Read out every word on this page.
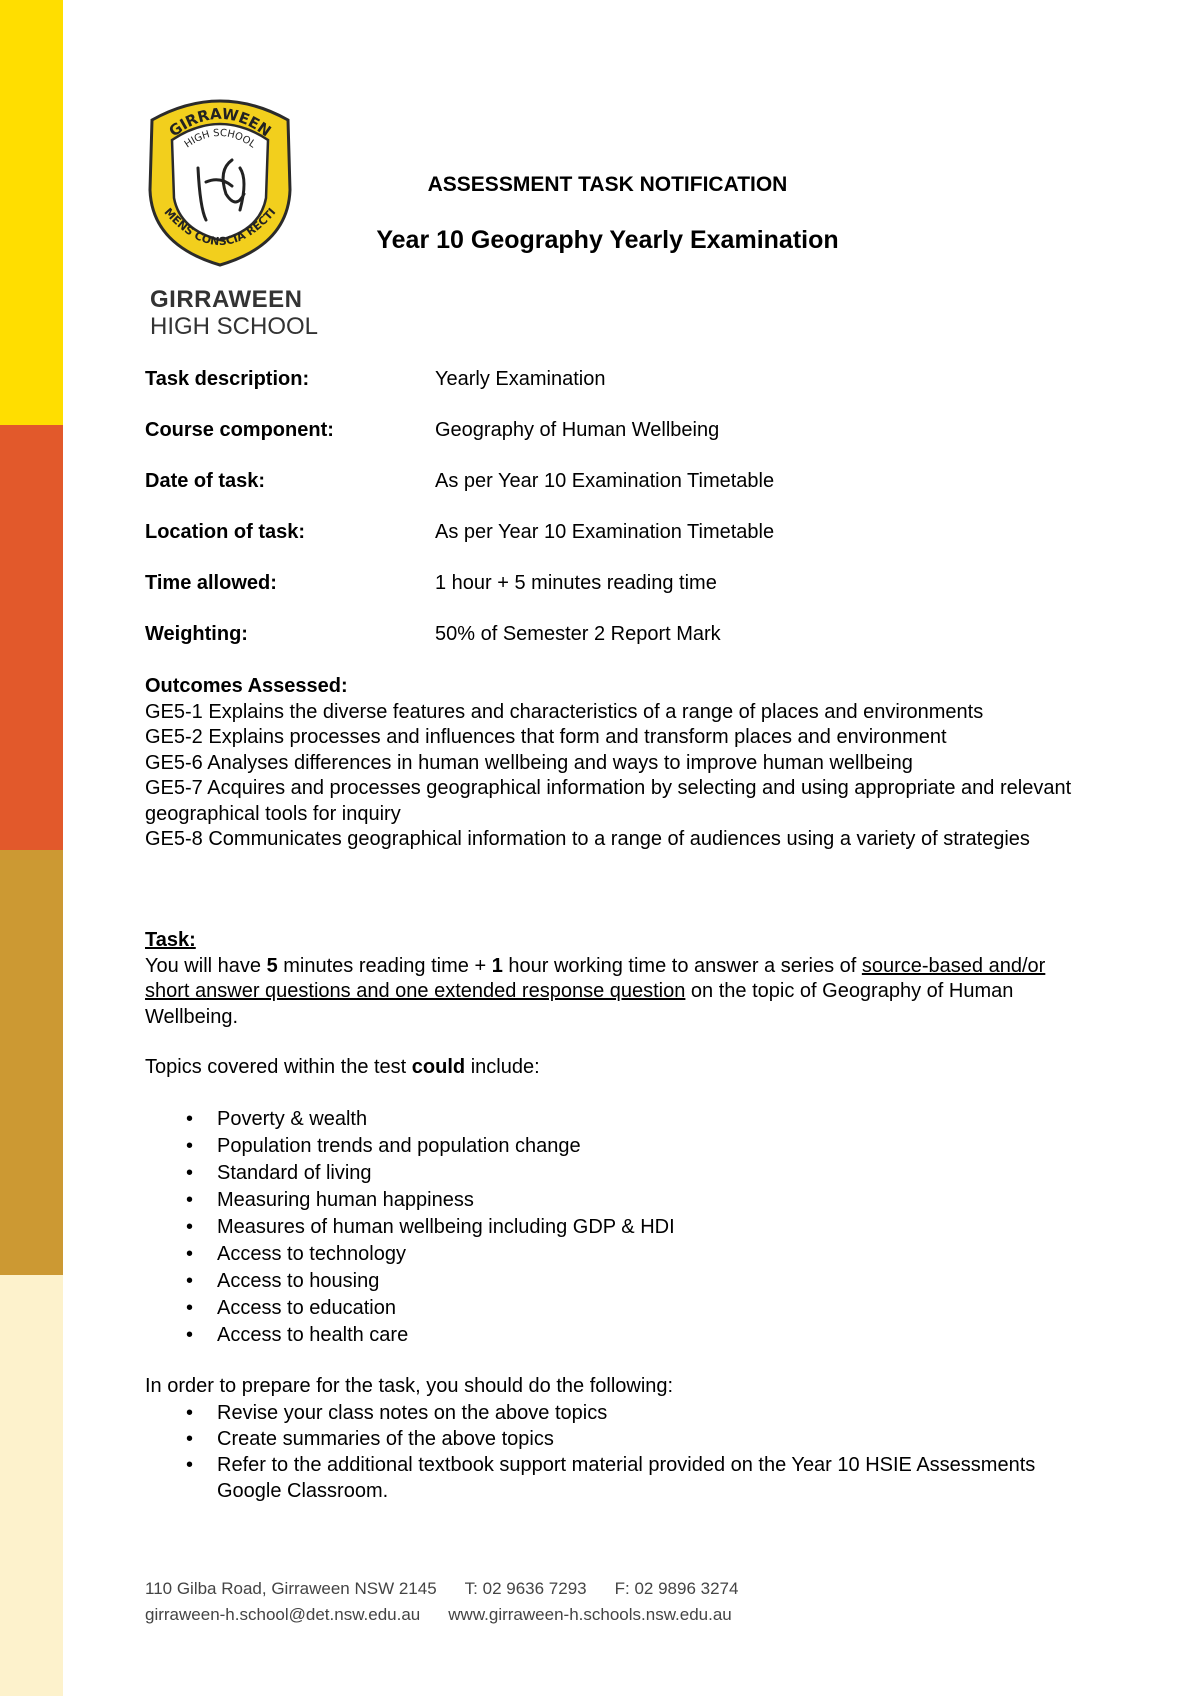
GIRRAWEEN
HIGH SCHOOL
MENS CONSCIA RECTI
GIRRAWEEN
HIGH SCHOOL
ASSESSMENT TASK NOTIFICATION
Year 10 Geography Yearly Examination
Task description:	Yearly Examination
Course component:	Geography of Human Wellbeing
Date of task:	As per Year 10 Examination Timetable
Location of task:	As per Year 10 Examination Timetable
Time allowed:	1 hour + 5 minutes reading time
Weighting:	50% of Semester 2 Report Mark
Outcomes Assessed:
GE5-1 Explains the diverse features and characteristics of a range of places and environments
GE5-2 Explains processes and influences that form and transform places and environment
GE5-6 Analyses differences in human wellbeing and ways to improve human wellbeing
GE5-7 Acquires and processes geographical information by selecting and using appropriate and relevant geographical tools for inquiry
GE5-8 Communicates geographical information to a range of audiences using a variety of strategies
Task:
You will have 5 minutes reading time + 1 hour working time to answer a series of source-based and/or short answer questions and one extended response question on the topic of Geography of Human Wellbeing.
Topics covered within the test could include:
• Poverty & wealth
• Population trends and population change
• Standard of living
• Measuring human happiness
• Measures of human wellbeing including GDP & HDI
• Access to technology
• Access to housing
• Access to education
• Access to health care
In order to prepare for the task, you should do the following:
• Revise your class notes on the above topics
• Create summaries of the above topics
• Refer to the additional textbook support material provided on the Year 10 HSIE Assessments Google Classroom.
110 Gilba Road, Girraween NSW 2145 T: 02 9636 7293 F: 02 9896 3274
girraween-h.school@det.nsw.edu.au www.girraween-h.schools.nsw.edu.au
